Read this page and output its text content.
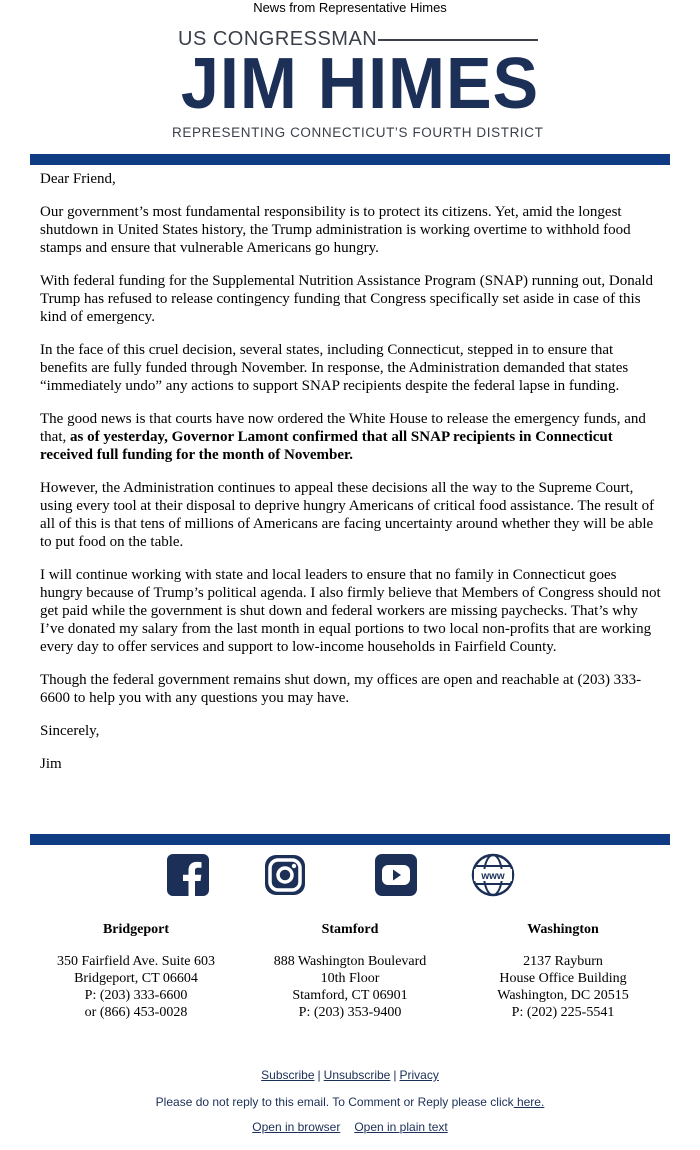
News from Representative Himes
US CONGRESSMAN
JIM HIMES
REPRESENTING CONNECTICUT’S FOURTH DISTRICT

Dear Friend,

Our government’s most fundamental responsibility is to protect its citizens. Yet, amid the longest shutdown in United States history, the Trump administration is working overtime to withhold food stamps and ensure that vulnerable Americans go hungry.

With federal funding for the Supplemental Nutrition Assistance Program (SNAP) running out, Donald Trump has refused to release contingency funding that Congress specifically set aside in case of this kind of emergency.

In the face of this cruel decision, several states, including Connecticut, stepped in to ensure that benefits are fully funded through November. In response, the Administration demanded that states “immediately undo” any actions to support SNAP recipients despite the federal lapse in funding.

The good news is that courts have now ordered the White House to release the emergency funds, and that, as of yesterday, Governor Lamont confirmed that all SNAP recipients in Connecticut received full funding for the month of November.

However, the Administration continues to appeal these decisions all the way to the Supreme Court, using every tool at their disposal to deprive hungry Americans of critical food assistance. The result of all of this is that tens of millions of Americans are facing uncertainty around whether they will be able to put food on the table.

I will continue working with state and local leaders to ensure that no family in Connecticut goes hungry because of Trump’s political agenda. I also firmly believe that Members of Congress should not get paid while the government is shut down and federal workers are missing paychecks. That’s why I’ve donated my salary from the last month in equal portions to two local non-profits that are working every day to offer services and support to low-income households in Fairfield County.

Though the federal government remains shut down, my offices are open and reachable at (203) 333-6600 to help you with any questions you may have.

Sincerely,

Jim

www
Bridgeport
350 Fairfield Ave. Suite 603
Bridgeport, CT 06604
P: (203) 333-6600
or (866) 453-0028
Stamford
888 Washington Boulevard
10th Floor
Stamford, CT 06901
P: (203) 353-9400
Washington
2137 Rayburn
House Office Building
Washington, DC 20515
P: (202) 225-5541
Subscribe | Unsubscribe | Privacy
Please do not reply to this email. To Comment or Reply please click here.
Open in browser Open in plain text
